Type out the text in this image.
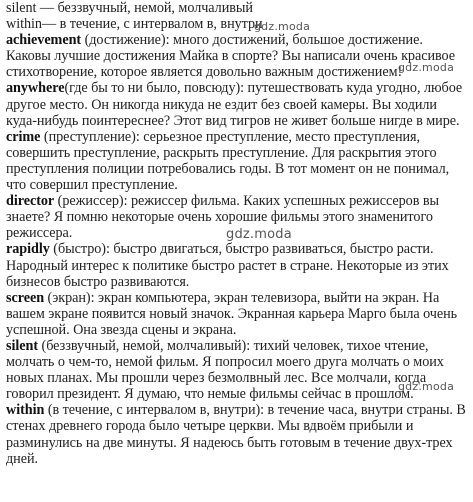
silent — беззвучный, немой, молчаливый

within— в течение, с интервалом в, внутри

achievement (достижение): много достижений, большое достижение. Каковы лучшие достижения Майка в спорте? Вы написали очень красивое стихотворение, которое является довольно важным достижением!

anywhere(где бы то ни было, повсюду): путешествовать куда угодно, любое другое место. Он никогда никуда не ездит без своей камеры. Вы ходили куда-нибудь поинтереснее? Этот вид тигров не живет больше нигде в мире.

crime (преступление): серьезное преступление, место преступления, совершить преступление, раскрыть преступление. Для раскрытия этого преступления полиции потребовались годы. В тот момент он не понимал, что совершил преступление.

director (режиссер): режиссер фильма. Каких успешных режиссеров вы знаете? Я помню некоторые очень хорошие фильмы этого знаменитого режиссера.

rapidly (быстро): быстро двигаться, быстро развиваться, быстро расти. Народный интерес к политике быстро растет в стране. Некоторые из этих бизнесов быстро развиваются.

screen (экран): экран компьютера, экран телевизора, выйти на экран. На вашем экране появится новый значок. Экранная карьера Марго была очень успешной. Она звезда сцены и экрана.

silent (беззвучный, немой, молчаливый): тихий человек, тихое чтение, молчать о чем-то, немой фильм. Я попросил моего друга молчать о моих новых планах. Мы прошли через безмолвный лес. Все молчали, когда говорил президент. Я думаю, что немые фильмы сейчас в прошлом.

within (в течение, с интервалом в, внутри): в течение часа, внутри страны. В стенах древнего города было четыре церкви. Мы вдвоём прибыли и разминулись на две минуты. Я надеюсь быть готовым в течение двух-трех дней.

gdz.moda
gdz.moda
gdz.moda
gdz.moda
